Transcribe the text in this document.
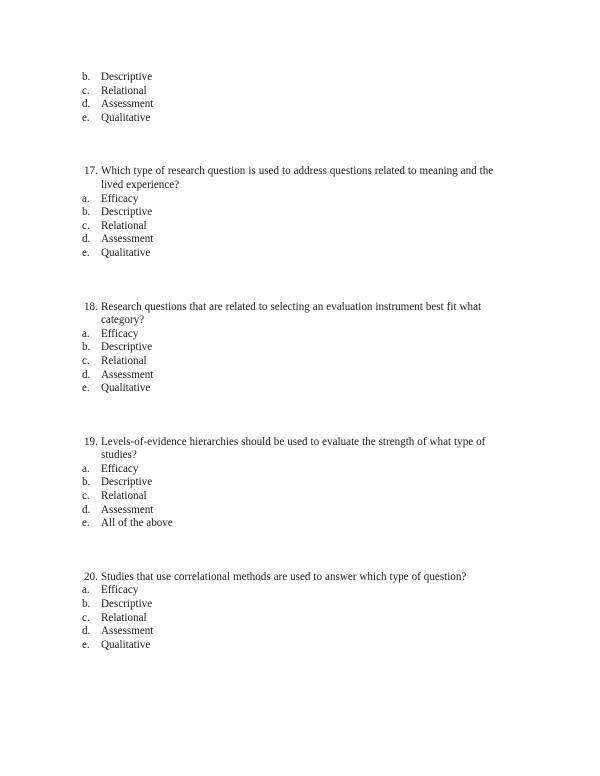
b. Descriptive
c.	Relational
d. Assessment
e.	Qualitative
17. Which type of research question is used to address questions related to meaning and the lived experience?
a.	Efficacy
b. Descriptive
c.	Relational
d. Assessment
e.	Qualitative
18. Research questions that are related to selecting an evaluation instrument best fit what category?
a.	Efficacy
b. Descriptive
c.	Relational
d. Assessment
e.	Qualitative
19. Levels-of-evidence hierarchies should be used to evaluate the strength of what type of studies?
a.	Efficacy
b. Descriptive
c.	Relational
d. Assessment
e.	All of the above
20. Studies that use correlational methods are used to answer which type of question?
a.	Efficacy
b. Descriptive
c.	Relational
d. Assessment
e.	Qualitative
